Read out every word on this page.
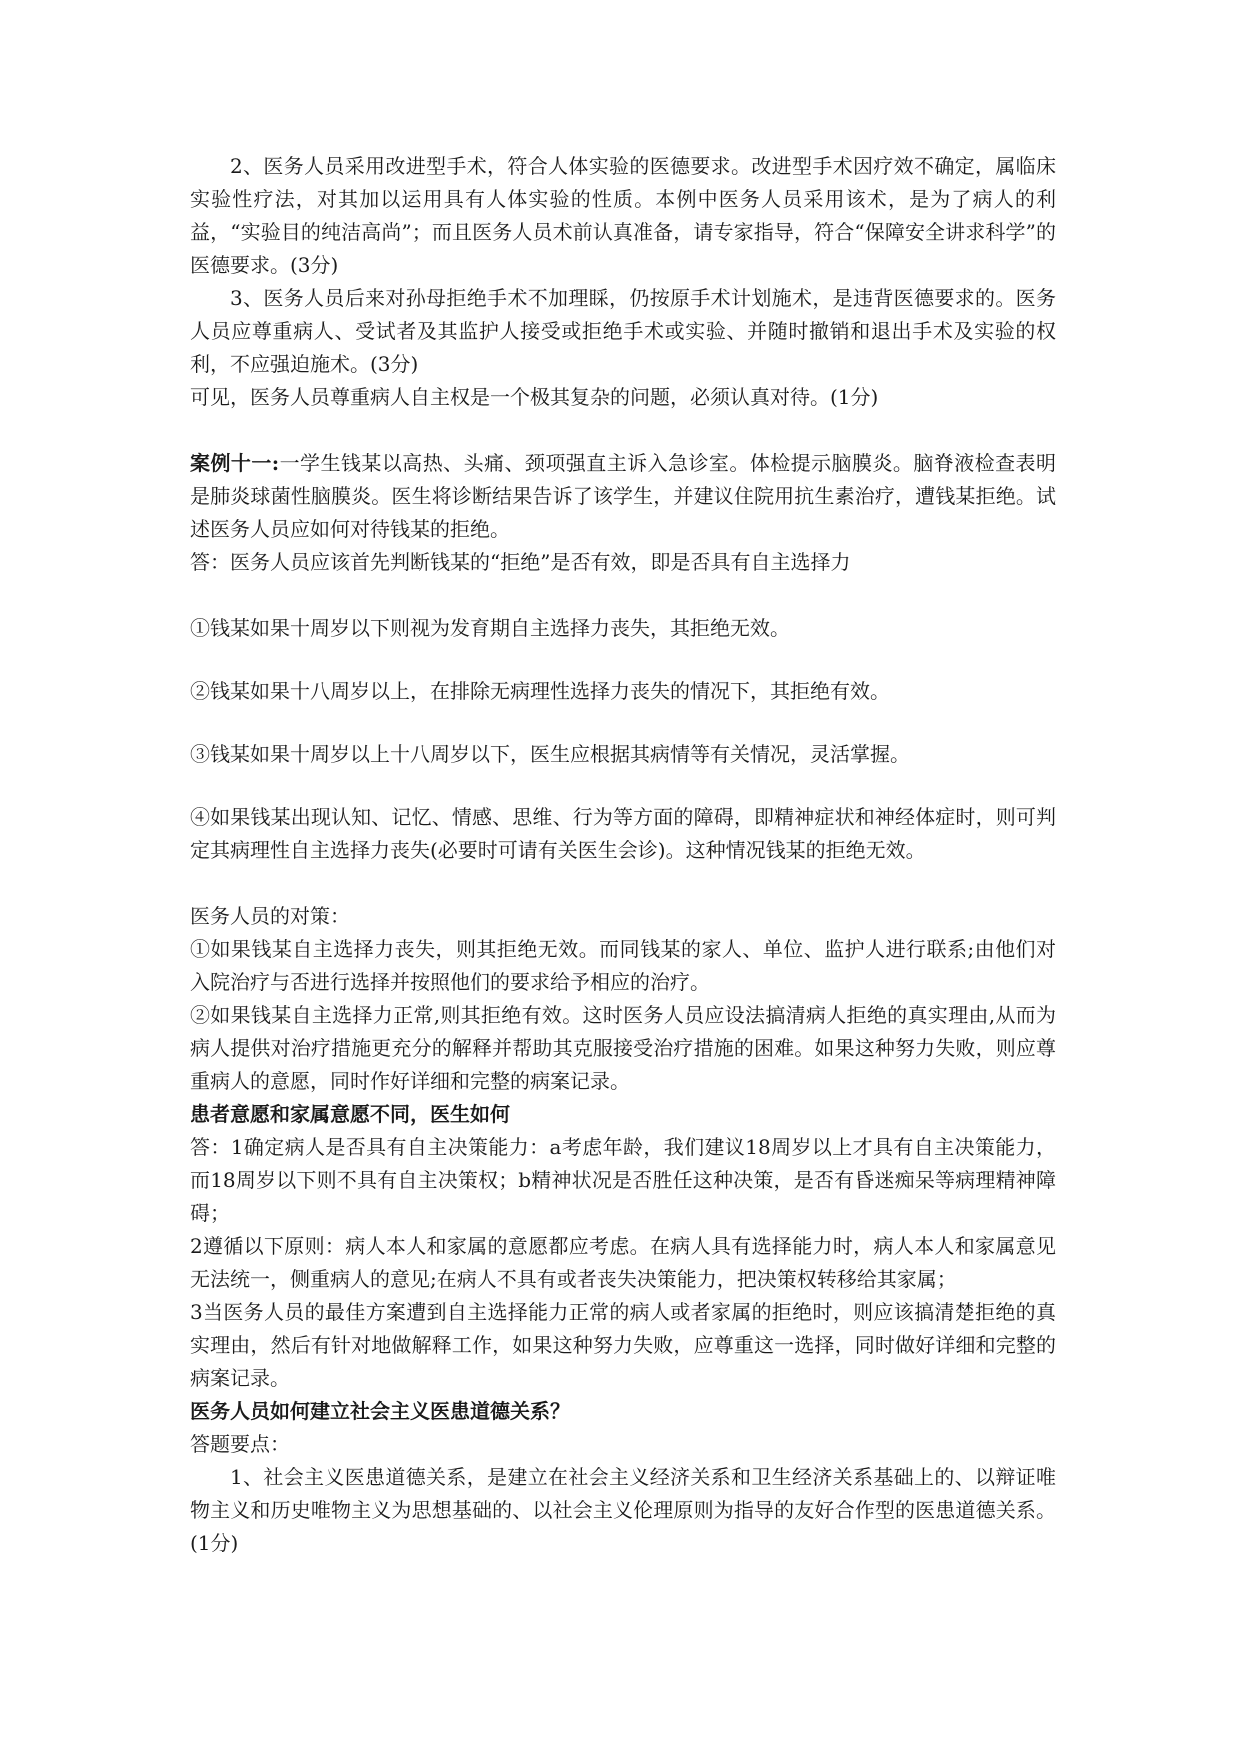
2、医务人员采用改进型手术，符合人体实验的医德要求。改进型手术因疗效不确定，属临床实验性疗法，对其加以运用具有人体实验的性质。本例中医务人员采用该术，是为了病人的利益，“实验目的纯洁高尚”；而且医务人员术前认真准备，请专家指导，符合“保障安全讲求科学”的医德要求。(3分)

3、医务人员后来对孙母拒绝手术不加理睬，仍按原手术计划施术，是违背医德要求的。医务人员应尊重病人、受试者及其监护人接受或拒绝手术或实验、并随时撤销和退出手术及实验的权利，不应强迫施术。(3分)

可见，医务人员尊重病人自主权是一个极其复杂的问题，必须认真对待。(1分)

案例十一:一学生钱某以高热、头痛、颈项强直主诉入急诊室。体检提示脑膜炎。脑脊液检查表明是肺炎球菌性脑膜炎。医生将诊断结果告诉了该学生，并建议住院用抗生素治疗，遭钱某拒绝。试述医务人员应如何对待钱某的拒绝。

答：医务人员应该首先判断钱某的“拒绝”是否有效，即是否具有自主选择力

①钱某如果十周岁以下则视为发育期自主选择力丧失，其拒绝无效。

②钱某如果十八周岁以上，在排除无病理性选择力丧失的情况下，其拒绝有效。

③钱某如果十周岁以上十八周岁以下，医生应根据其病情等有关情况，灵活掌握。

④如果钱某出现认知、记忆、情感、思维、行为等方面的障碍，即精神症状和神经体症时，则可判定其病理性自主选择力丧失(必要时可请有关医生会诊)。这种情况钱某的拒绝无效。

医务人员的对策：

①如果钱某自主选择力丧失，则其拒绝无效。而同钱某的家人、单位、监护人进行联系;由他们对入院治疗与否进行选择并按照他们的要求给予相应的治疗。

②如果钱某自主选择力正常,则其拒绝有效。这时医务人员应设法搞清病人拒绝的真实理由,从而为病人提供对治疗措施更充分的解释并帮助其克服接受治疗措施的困难。如果这种努力失败，则应尊重病人的意愿，同时作好详细和完整的病案记录。

患者意愿和家属意愿不同，医生如何

答：1确定病人是否具有自主决策能力：a考虑年龄，我们建议18周岁以上才具有自主决策能力，而18周岁以下则不具有自主决策权；b精神状况是否胜任这种决策，是否有昏迷痴呆等病理精神障碍；

2遵循以下原则：病人本人和家属的意愿都应考虑。在病人具有选择能力时，病人本人和家属意见无法统一，侧重病人的意见;在病人不具有或者丧失决策能力，把决策权转移给其家属；

3当医务人员的最佳方案遭到自主选择能力正常的病人或者家属的拒绝时，则应该搞清楚拒绝的真实理由，然后有针对地做解释工作，如果这种努力失败，应尊重这一选择，同时做好详细和完整的病案记录。

医务人员如何建立社会主义医患道德关系？

答题要点：

1、社会主义医患道德关系，是建立在社会主义经济关系和卫生经济关系基础上的、以辩证唯物主义和历史唯物主义为思想基础的、以社会主义伦理原则为指导的友好合作型的医患道德关系。(1分)
